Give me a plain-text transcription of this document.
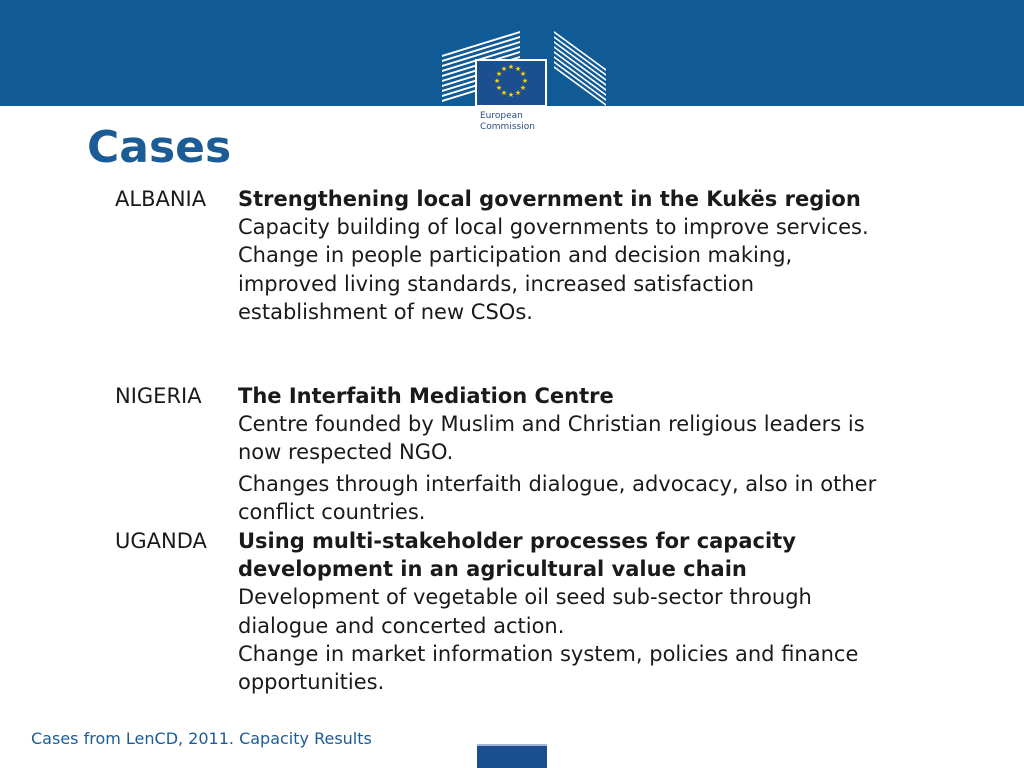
★ ★
★
★
★
★
★
★
★
★
★
★
European
Commission
Cases
ALBANIA Strengthening local government in the Kukës region

Capacity building of local governments to improve services.

Change in people participation and decision making, improved living standards, increased satisfaction establishment of new CSOs.

NIGERIA The Interfaith Mediation Centre

Centre founded by Muslim and Christian religious leaders is now respected NGO.

Changes through interfaith dialogue, advocacy, also in other conflict countries.

UGANDA Using multi-stakeholder processes for capacity development in an agricultural value chain

Development of vegetable oil seed sub-sector through dialogue and concerted action.

Change in market information system, policies and finance opportunities.

Cases from LenCD, 2011. Capacity Results
